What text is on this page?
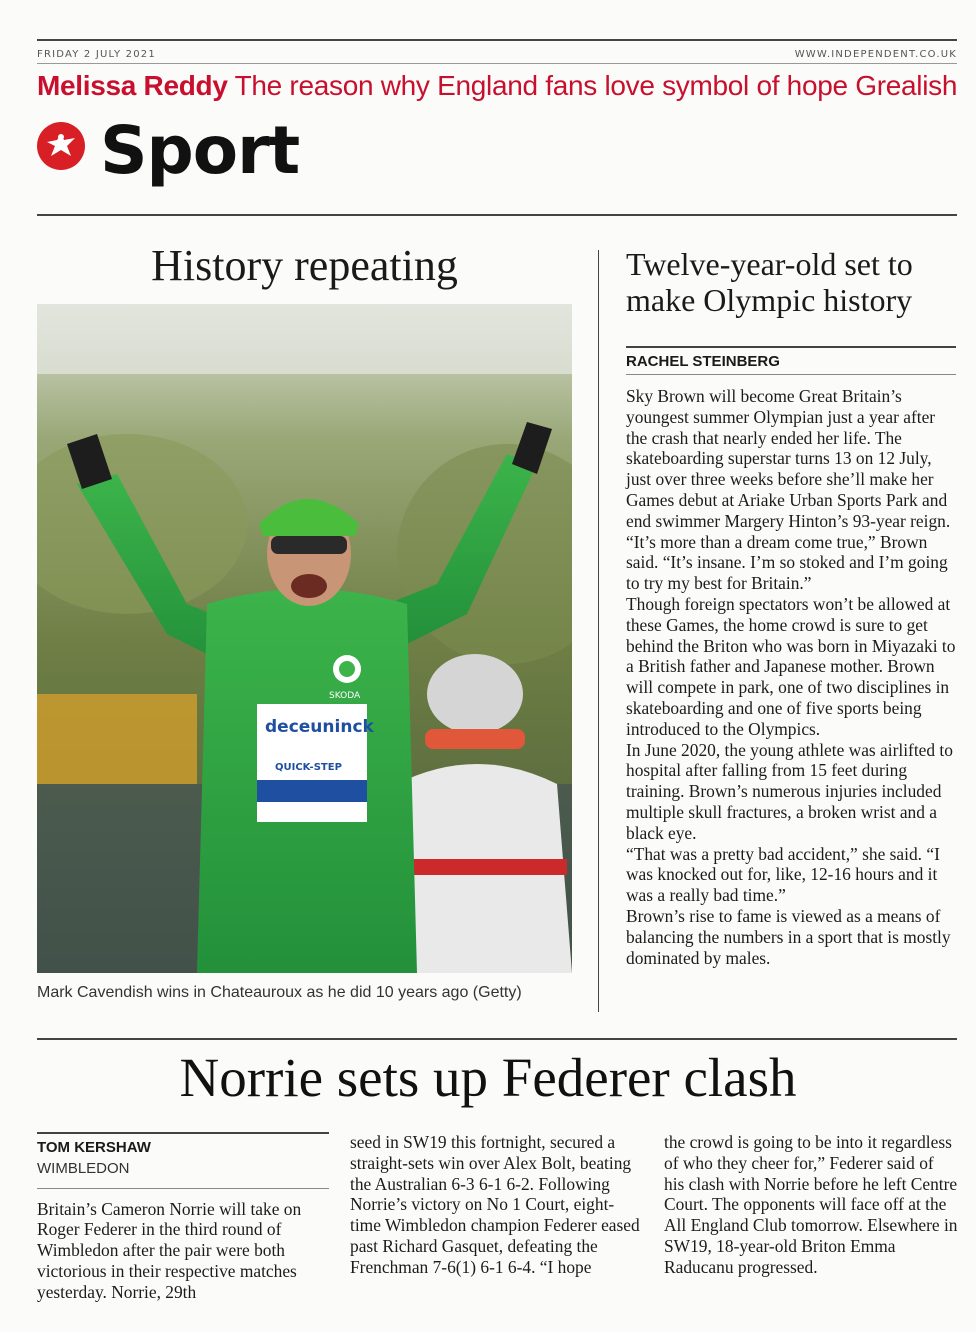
FRIDAY 2 JULY 2021	WWW.INDEPENDENT.CO.UK
Melissa Reddy The reason why England fans love symbol of hope Grealish
Sport
History repeating
deceuninck
QUICK-STEP
SKODA
Mark Cavendish wins in Chateauroux as he did 10 years ago (Getty)
Twelve-year-old set to make Olympic history
RACHEL STEINBERG

Sky Brown will become Great Britain’s youngest summer Olympian just a year after the crash that nearly ended her life. The skateboarding superstar turns 13 on 12 July, just over three weeks before she’ll make her Games debut at Ariake Urban Sports Park and end swimmer Margery Hinton’s 93-year reign.

“It’s more than a dream come true,” Brown said. “It’s insane. I’m so stoked and I’m going to try my best for Britain.”

Though foreign spectators won’t be allowed at these Games, the home crowd is sure to get behind the Briton who was born in Miyazaki to a British father and Japanese mother. Brown will compete in park, one of two disciplines in skateboarding and one of five sports being introduced to the Olympics.

In June 2020, the young athlete was airlifted to hospital after falling from 15 feet during training. Brown’s numerous injuries included multiple skull fractures, a broken wrist and a black eye.

“That was a pretty bad accident,” she said. “I was knocked out for, like, 12-16 hours and it was a really bad time.”

Brown’s rise to fame is viewed as a means of balancing the numbers in a sport that is mostly dominated by males.

Norrie sets up Federer clash
TOM KERSHAW
WIMBLEDON

Britain’s Cameron Norrie will take on Roger Federer in the third round of Wimbledon after the pair were both victorious in their respective matches yesterday. Norrie, 29th

seed in SW19 this fortnight, secured a straight-sets win over Alex Bolt, beating the Australian 6-3 6-1 6-2. Following Norrie’s victory on No 1 Court, eight-time Wimbledon champion Federer eased past Richard Gasquet, defeating the Frenchman 7-6(1) 6-1 6-4. “I hope

the crowd is going to be into it regardless of who they cheer for,” Federer said of his clash with Norrie before he left Centre Court. The opponents will face off at the All England Club tomorrow. Elsewhere in SW19, 18-year-old Briton Emma Raducanu progressed.
